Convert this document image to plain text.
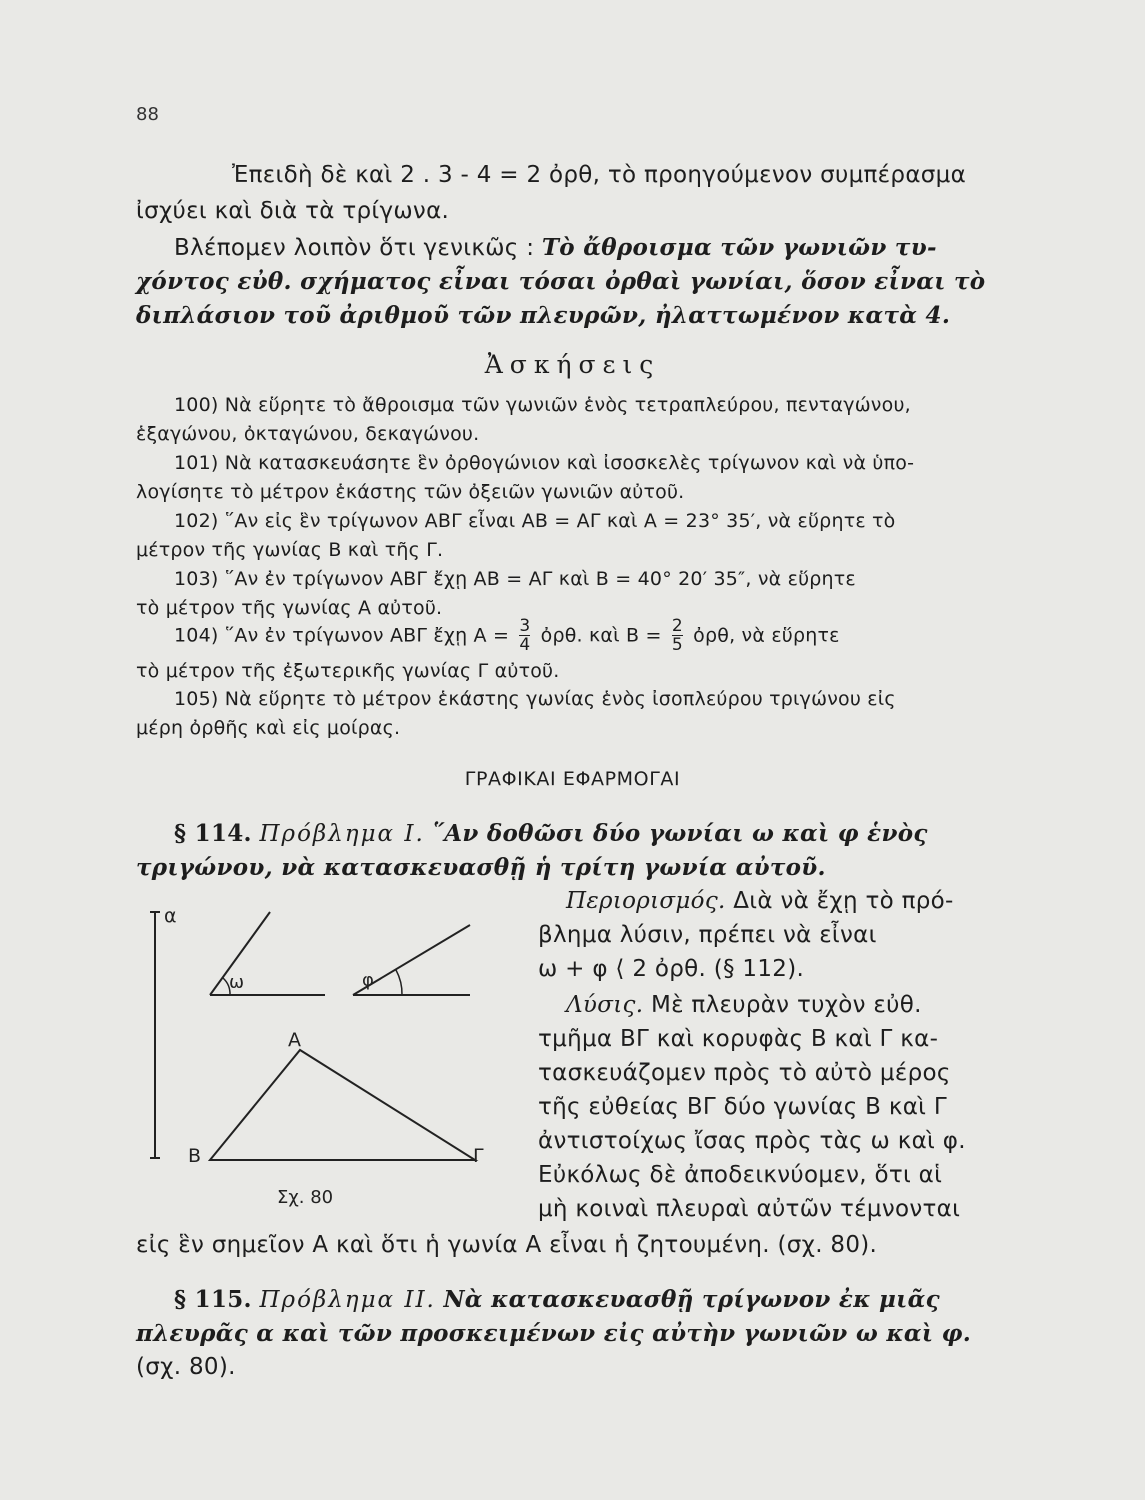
88
Ἐπειδὴ δὲ καὶ 2 . 3 - 4 = 2 ὀρθ, τὸ προηγούμενον συμπέρασμα
ἰσχύει καὶ διὰ τὰ τρίγωνα.
Βλέπομεν λοιπὸν ὅτι γενικῶς : Τὸ ἄθροισμα τῶν γωνιῶν τυ-
χόντος εὐθ. σχήματος εἶναι τόσαι ὀρθαὶ γωνίαι, ὅσον εἶναι τὸ
διπλάσιον τοῦ ἀριθμοῦ τῶν πλευρῶν, ἠλαττωμένον κατὰ 4.
Ἀσκήσεις
100) Νὰ εὕρητε τὸ ἄθροισμα τῶν γωνιῶν ἑνὸς τετραπλεύρου, πενταγώνου,
ἑξαγώνου, ὀκταγώνου, δεκαγώνου.
101) Νὰ κατασκευάσητε ἓν ὀρθογώνιον καὶ ἰσοσκελὲς τρίγωνον καὶ νὰ ὑπο-
λογίσητε τὸ μέτρον ἑκάστης τῶν ὀξειῶν γωνιῶν αὐτοῦ.
102) ῞Αν εἰς ἓν τρίγωνον ΑΒΓ εἶναι ΑΒ = ΑΓ καὶ Α = 23° 35′, νὰ εὕρητε τὸ
μέτρον τῆς γωνίας Β καὶ τῆς Γ.
103) ῞Αν ἐν τρίγωνον ΑΒΓ ἔχῃ ΑΒ = ΑΓ καὶ Β = 40° 20′ 35″, νὰ εὕρητε
τὸ μέτρον τῆς γωνίας Α αὐτοῦ.
104) ῞Αν ἐν τρίγωνον ΑΒΓ ἔχῃ $A = \frac{3}{4}$ ὀρθ. καὶ $B = \frac{2}{5}$ ὀρθ, νὰ εὕρητε
τὸ μέτρον τῆς ἐξωτερικῆς γωνίας Γ αὐτοῦ.
105) Νὰ εὕρητε τὸ μέτρον ἑκάστης γωνίας ἑνὸς ἰσοπλεύρου τριγώνου εἰς
μέρη ὀρθῆς καὶ εἰς μοίρας.
ΓΡΑΦΙΚΑΙ ΕΦΑΡΜΟΓΑΙ
§ 114. Πρόβλημα Ι. ῞Αν δοθῶσι δύο γωνίαι ω καὶ φ ἑνὸς
τριγώνου, νὰ κατασκευασθῇ ἡ τρίτη γωνία αὐτοῦ.
Περιορισμός. Διὰ νὰ ἔχῃ τὸ πρό-
βλημα λύσιν, πρέπει νὰ εἶναι
ω + φ ⟨ 2 ὀρθ. (§ 112).
Λύσις. Μὲ πλευρὰν τυχὸν εὐθ.
τμῆμα ΒΓ καὶ κορυφὰς Β καὶ Γ κα-
τασκευάζομεν πρὸς τὸ αὐτὸ μέρος
τῆς εὐθείας ΒΓ δύο γωνίας Β καὶ Γ
ἀντιστοίχως ἴσας πρὸς τὰς ω καὶ φ.
Εὐκόλως δὲ ἀποδεικνύομεν, ὅτι αἱ
μὴ κοιναὶ πλευραὶ αὐτῶν τέμνονται
εἰς ἓν σημεῖον Α καὶ ὅτι ἡ γωνία Α εἶναι ἡ ζητουμένη. (σχ. 80).
α
ω	φ
Α
Β	Γ
Σχ. 80
§ 115. Πρόβλημα ΙΙ. Νὰ κατασκευασθῇ τρίγωνον ἐκ μιᾶς
πλευρᾶς α καὶ τῶν προσκειμένων εἰς αὐτὴν γωνιῶν ω καὶ φ.
(σχ. 80).
